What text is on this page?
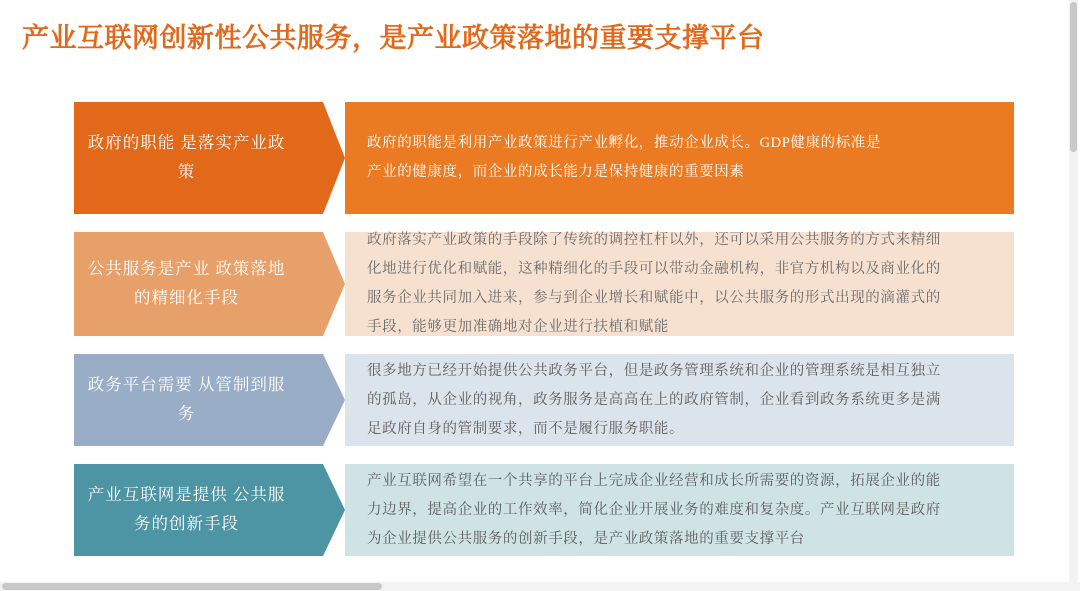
产业互联网创新性公共服务，是产业政策落地的重要支撑平台
政府的职能 是落实产业政策
政府的职能是利用产业政策进行产业孵化，推动企业成长。GDP健康的标准是
产业的健康度，而企业的成长能力是保持健康的重要因素
公共服务是产业 政策落地的精细化手段
政府落实产业政策的手段除了传统的调控杠杆以外，还可以采用公共服务的方式来精细
化地进行优化和赋能，这种精细化的手段可以带动金融机构，非官方机构以及商业化的
服务企业共同加入进来，参与到企业增长和赋能中，以公共服务的形式出现的滴灌式的
手段，能够更加准确地对企业进行扶植和赋能
政务平台需要 从管制到服务
很多地方已经开始提供公共政务平台，但是政务管理系统和企业的管理系统是相互独立
的孤岛，从企业的视角，政务服务是高高在上的政府管制，企业看到政务系统更多是满
足政府自身的管制要求，而不是履行服务职能。
产业互联网是提供 公共服务的创新手段
产业互联网希望在一个共享的平台上完成企业经营和成长所需要的资源，拓展企业的能
力边界，提高企业的工作效率，简化企业开展业务的难度和复杂度。产业互联网是政府
为企业提供公共服务的创新手段，是产业政策落地的重要支撑平台
